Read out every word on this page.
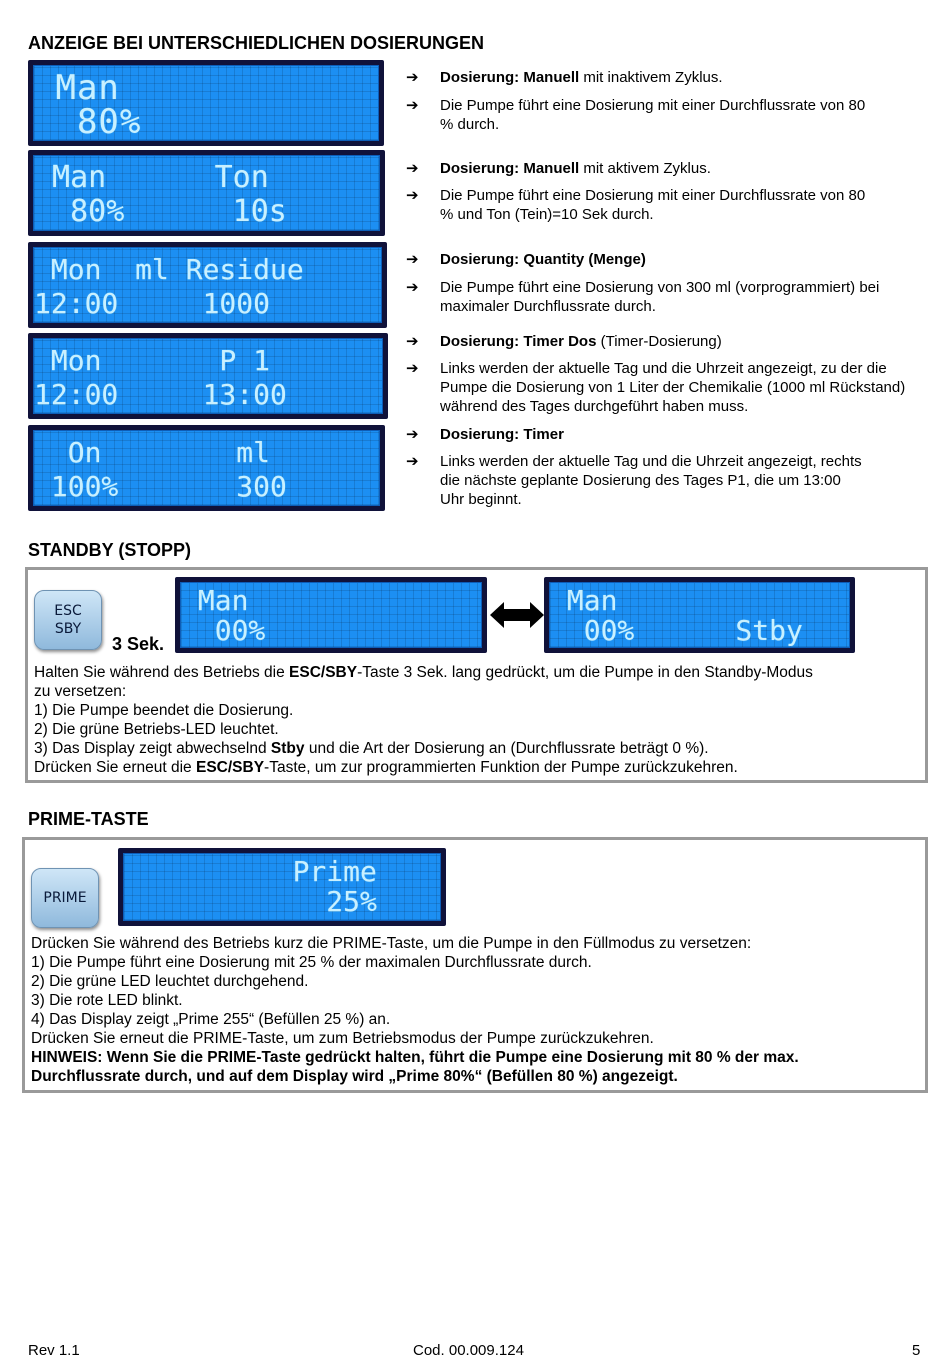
ANZEIGE BEI UNTERSCHIEDLICHEN DOSIERUNGEN
Man
80%
Man      Ton
80%      10s
Mon  ml Residue
12:00     1000
Mon       P 1
12:00     13:00
On        ml
100%       300
➔ Dosierung: Manuell mit inaktivem Zyklus.
➔ Die Pumpe führt eine Dosierung mit einer Durchflussrate von 80 % durch.
➔ Dosierung: Manuell mit aktivem Zyklus.
➔ Die Pumpe führt eine Dosierung mit einer Durchflussrate von 80 % und Ton (Tein)=10 Sek durch.
➔ Dosierung: Quantity (Menge)
➔ Die Pumpe führt eine Dosierung von 300 ml (vorprogrammiert) bei maximaler Durchflussrate durch.
➔ Dosierung: Timer Dos (Timer-Dosierung)
➔ Links werden der aktuelle Tag und die Uhrzeit angezeigt, zu der die Pumpe die Dosierung von 1 Liter der Chemikalie (1000 ml Rückstand) während des Tages durchgeführt haben muss.
➔ Dosierung: Timer
➔ Links werden der aktuelle Tag und die Uhrzeit angezeigt, rechts die nächste geplante Dosierung des Tages P1, die um 13:00 Uhr beginnt.
STANDBY (STOPP)
ESC
SBY
3 Sek.
Man
00%
Man
00%      Stby
Halten Sie während des Betriebs die ESC/SBY-Taste 3 Sek. lang gedrückt, um die Pumpe in den Standby-Modus
zu versetzen:
1) Die Pumpe beendet die Dosierung.
2) Die grüne Betriebs-LED leuchtet.
3) Das Display zeigt abwechselnd Stby und die Art der Dosierung an (Durchflussrate beträgt 0 %).
Drücken Sie erneut die ESC/SBY-Taste, um zur programmierten Funktion der Pumpe zurückzukehren.
PRIME-TASTE
PRIME
Prime
25%
Drücken Sie während des Betriebs kurz die PRIME-Taste, um die Pumpe in den Füllmodus zu versetzen:
1) Die Pumpe führt eine Dosierung mit 25 % der maximalen Durchflussrate durch.
2) Die grüne LED leuchtet durchgehend.
3) Die rote LED blinkt.
4) Das Display zeigt „Prime 255“ (Befüllen 25 %) an.
Drücken Sie erneut die PRIME-Taste, um zum Betriebsmodus der Pumpe zurückzukehren.
HINWEIS: Wenn Sie die PRIME-Taste gedrückt halten, führt die Pumpe eine Dosierung mit 80 % der max.
Durchflussrate durch, und auf dem Display wird „Prime 80%“ (Befüllen 80 %) angezeigt.
Rev 1.1	Cod. 00.009.124	5
